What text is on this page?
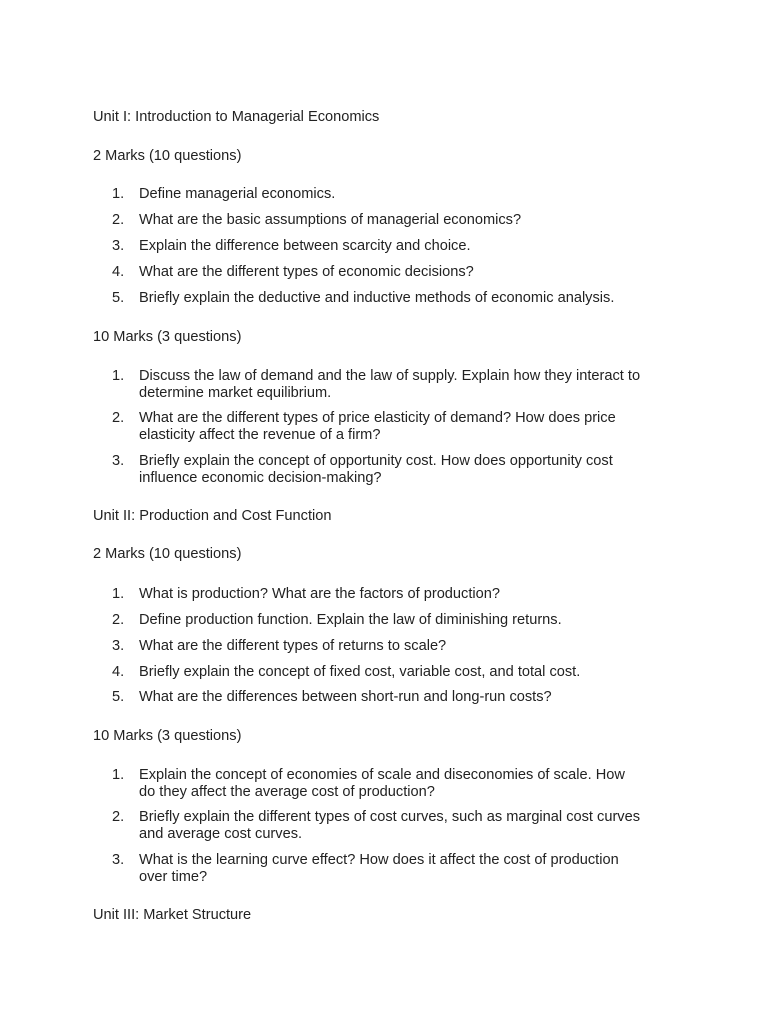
Unit I: Introduction to Managerial Economics
2 Marks (10 questions)
1.	Define managerial economics.
2.	What are the basic assumptions of managerial economics?
3.	Explain the difference between scarcity and choice.
4.	What are the different types of economic decisions?
5.	Briefly explain the deductive and inductive methods of economic analysis.
10 Marks (3 questions)
1.	Discuss the law of demand and the law of supply. Explain how they interact to
determine market equilibrium.
2.	What are the different types of price elasticity of demand? How does price
elasticity affect the revenue of a firm?
3.	Briefly explain the concept of opportunity cost. How does opportunity cost
influence economic decision-making?
Unit II: Production and Cost Function
2 Marks (10 questions)
1.	What is production? What are the factors of production?
2.	Define production function. Explain the law of diminishing returns.
3.	What are the different types of returns to scale?
4.	Briefly explain the concept of fixed cost, variable cost, and total cost.
5.	What are the differences between short-run and long-run costs?
10 Marks (3 questions)
1.	Explain the concept of economies of scale and diseconomies of scale. How
do they affect the average cost of production?
2.	Briefly explain the different types of cost curves, such as marginal cost curves
and average cost curves.
3.	What is the learning curve effect? How does it affect the cost of production
over time?
Unit III: Market Structure
